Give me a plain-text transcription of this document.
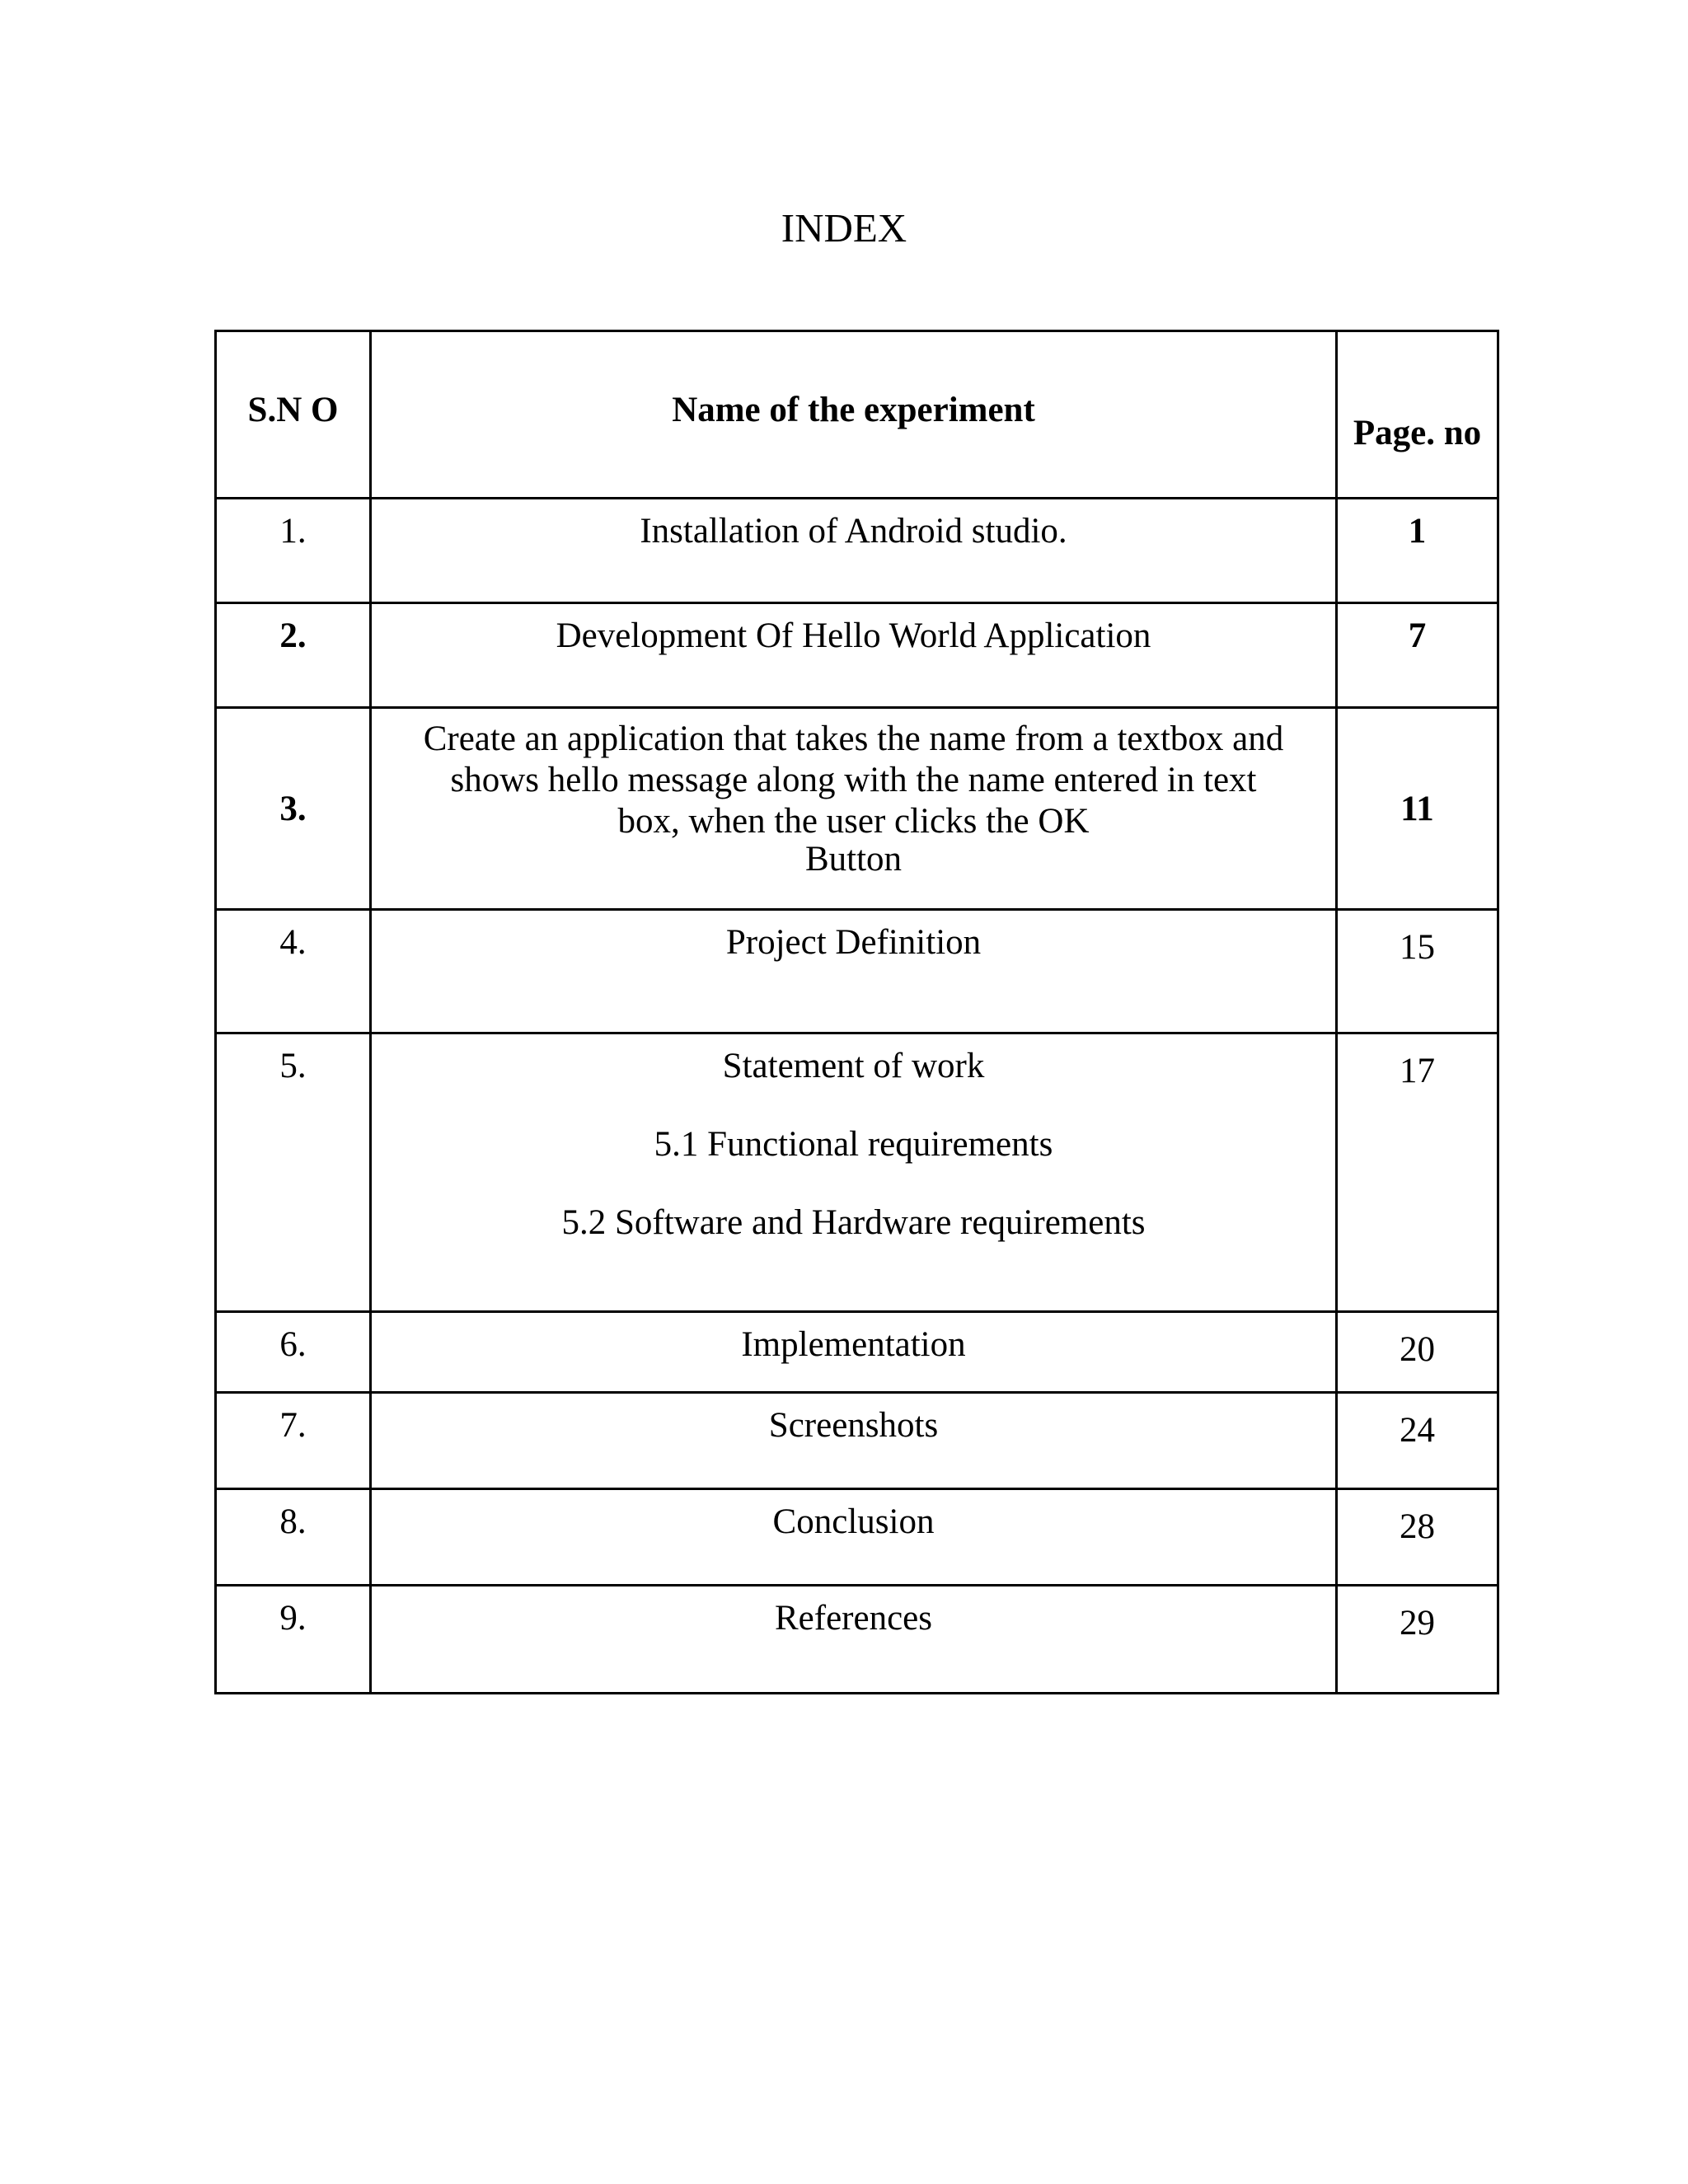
INDEX
S.N O	Name of the experiment	Page. no
1.	Installation of Android studio.	1
2.	Development Of Hello World Application	7
3.	Create an application that takes the name from a textbox and
shows hello message along with the name entered in text
box, when the user clicks the OK
Button	11
4.	Project Definition	15
5.	Statement of work
5.1 Functional requirements
5.2 Software and Hardware requirements	17
6.	Implementation	20
7.	Screenshots	24
8.	Conclusion	28
9.	References	29
